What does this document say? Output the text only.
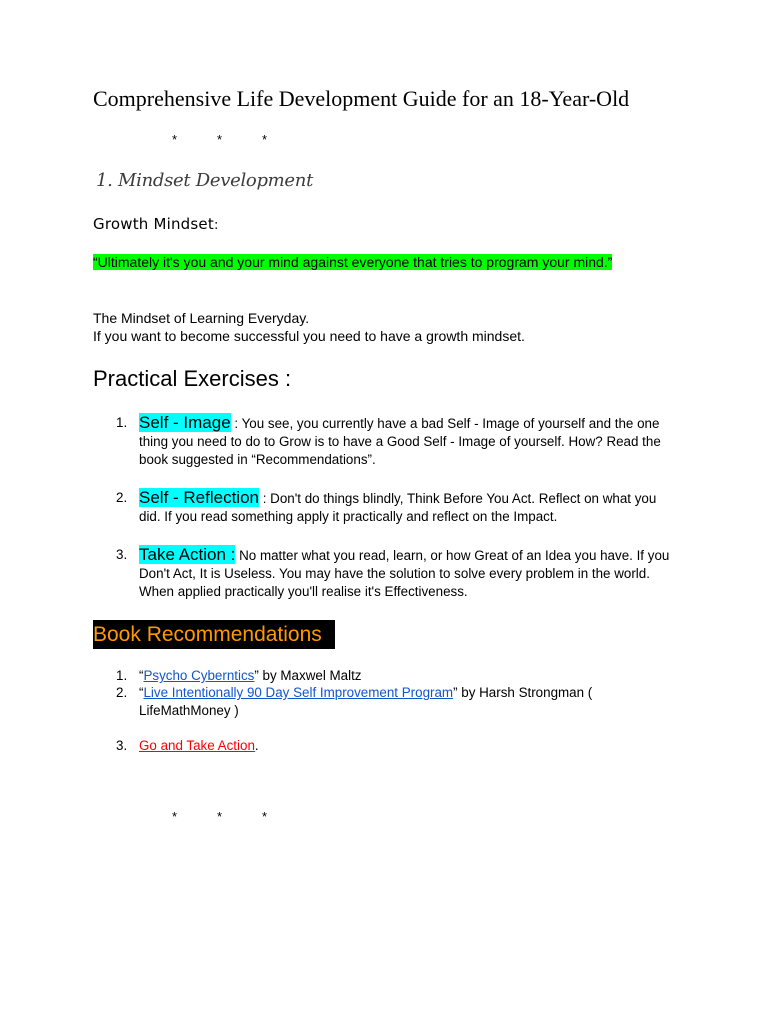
Comprehensive Life Development Guide for an 18-Year-Old
*	*	*
1. Mindset Development
Growth Mindset:

“Ultimately it's you and your mind against everyone that tries to program your mind.”

The Mindset of Learning Everyday.

If you want to become successful you need to have a growth mindset.

Practical Exercises :
1. Self - Image : You see, you currently have a bad Self - Image of yourself and the one thing you need to do to Grow is to have a Good Self - Image of yourself. How? Read the book suggested in “Recommendations”.
2. Self - Reflection : Don't do things blindly, Think Before You Act. Reflect on what you did. If you read something apply it practically and reflect on the Impact.
3. Take Action : No matter what you read, learn, or how Great of an Idea you have. If you Don't Act, It is Useless. You may have the solution to solve every problem in the world. When applied practically you'll realise it's Effectiveness.
Book Recommendations
1. “Psycho Cyberntics” by Maxwel Maltz
2. “Live Intentionally 90 Day Self Improvement Program” by Harsh Strongman ( LifeMathMoney )
3. Go and Take Action.
*	*	*
